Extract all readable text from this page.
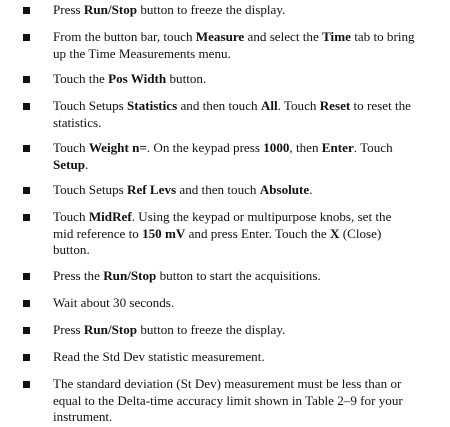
Press Run/Stop button to freeze the display.
From the button bar, touch Measure and select the Time tab to bring
up the Time Measurements menu.
Touch the Pos Width button.
Touch Setups Statistics and then touch All. Touch Reset to reset the
statistics.
Touch Weight n=. On the keypad press 1000, then Enter. Touch
Setup.
Touch Setups Ref Levs and then touch Absolute.
Touch MidRef. Using the keypad or multipurpose knobs, set the
mid reference to 150 mV and press Enter. Touch the X (Close)
button.
Press the Run/Stop button to start the acquisitions.
Wait about 30 seconds.
Press Run/Stop button to freeze the display.
Read the Std Dev statistic measurement.
The standard deviation (St Dev) measurement must be less than or
equal to the Delta-time accuracy limit shown in Table 2–9 for your
instrument.
